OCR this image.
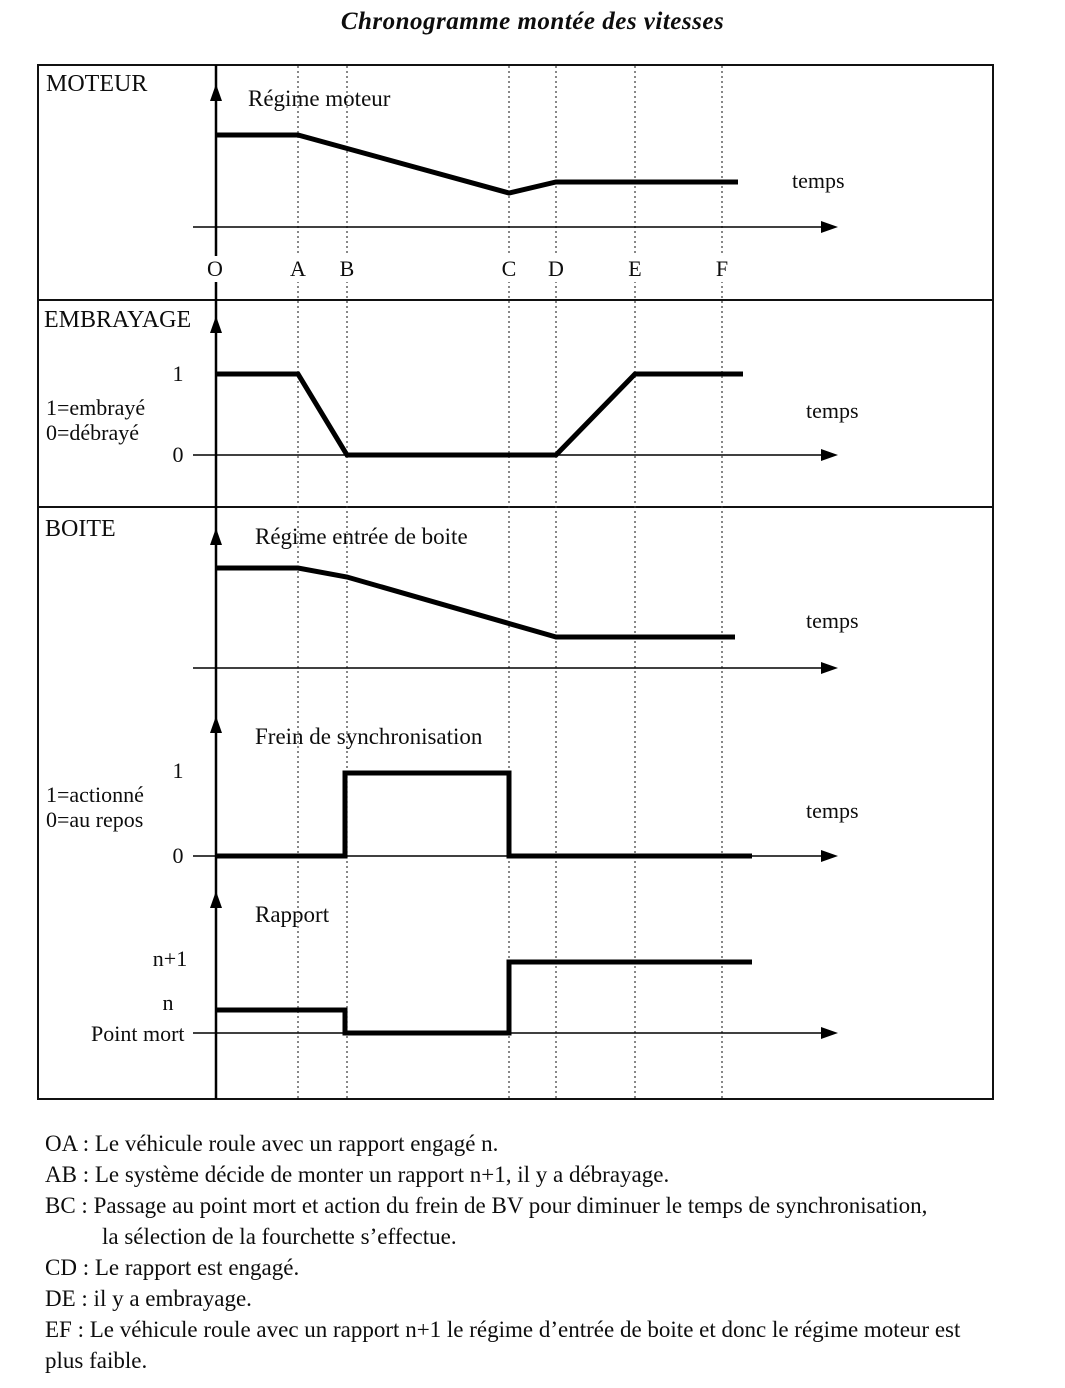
Chronogramme montée des vitesses
MOTEUR
Régime moteur
temps
EMBRAYAGE
1
1=embrayé
0=débrayé
0
temps
BOITE	Régime entrée de boite
temps
Frein de synchronisation
1
1=actionné
0=au repos
0
temps
Rapport
n+1
n
Point mort
O	A B	C D	E	F
OA : Le véhicule roule avec un rapport engagé n.
AB : Le système décide de monter un rapport n+1, il y a débrayage.
BC : Passage au point mort et action du frein de BV pour diminuer le temps de synchronisation,
la sélection de la fourchette s’effectue.
CD : Le rapport est engagé.
DE : il y a embrayage.
EF : Le véhicule roule avec un rapport n+1 le régime d’entrée de boite et donc le régime moteur est
plus faible.
